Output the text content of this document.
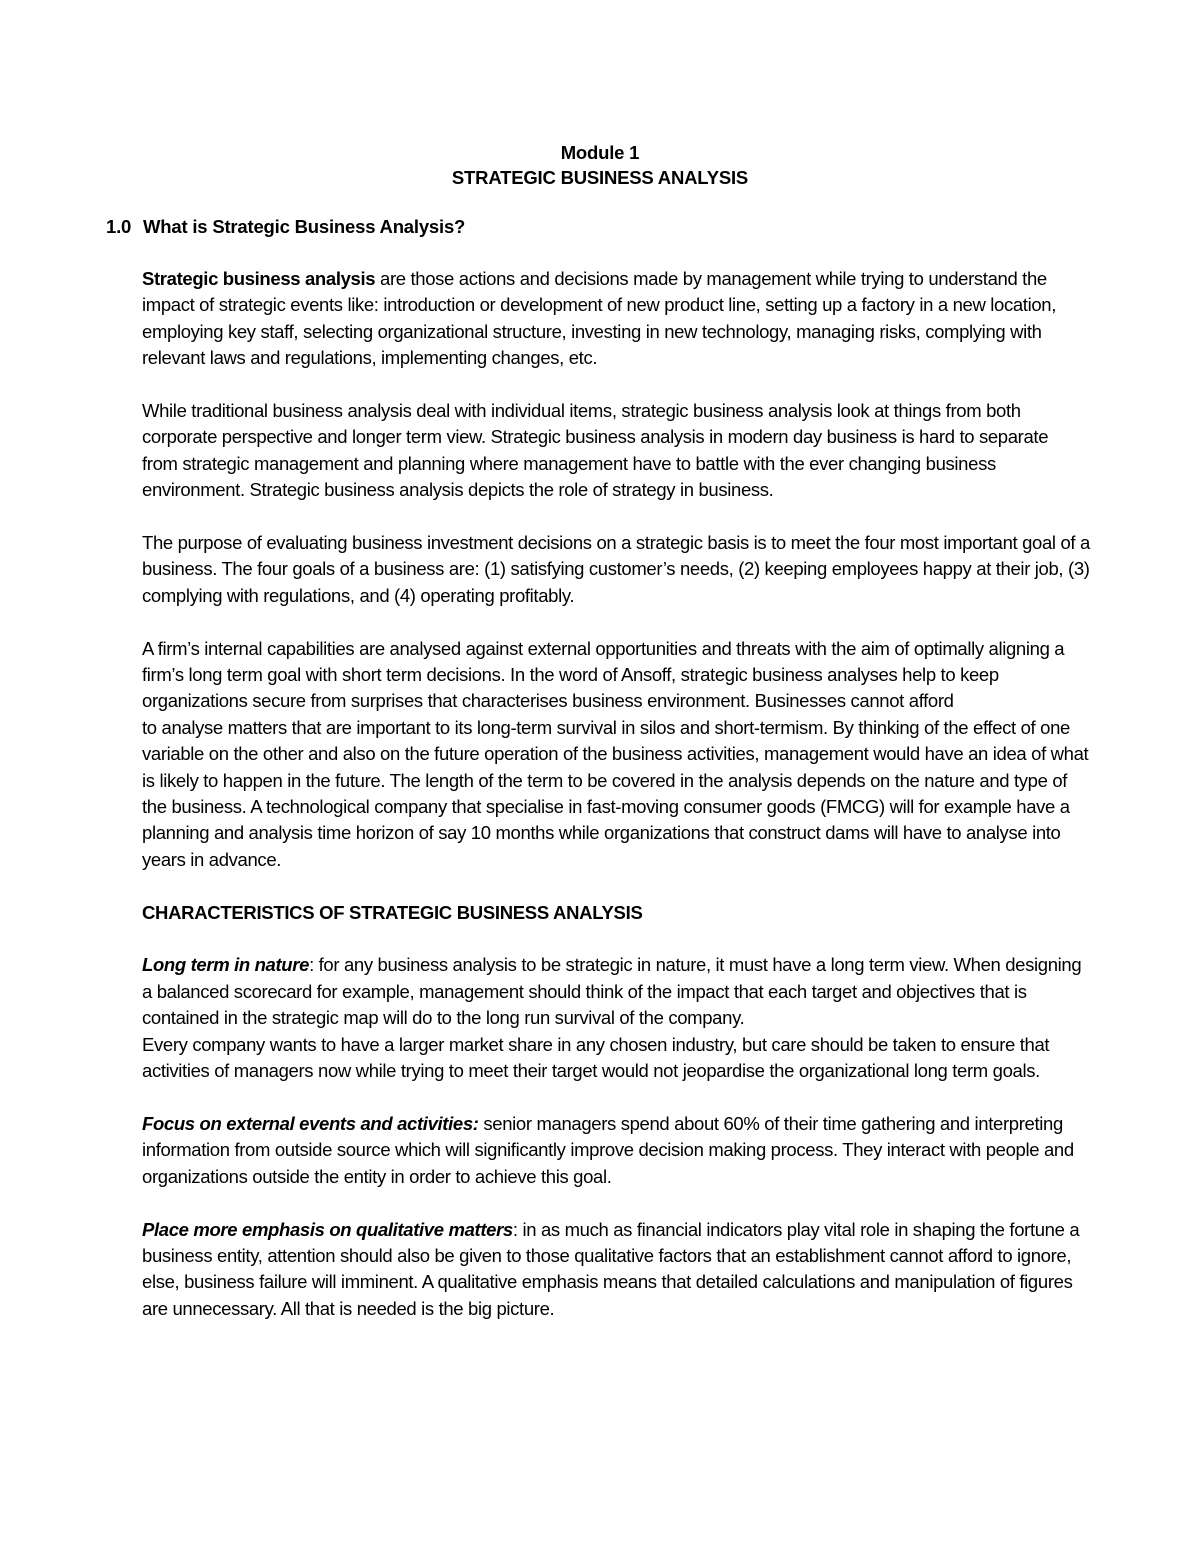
Module 1
STRATEGIC BUSINESS ANALYSIS
1.0 What is Strategic Business Analysis?
Strategic business analysis are those actions and decisions made by management while trying to understand the
impact of strategic events like: introduction or development of new product line, setting up a factory in a new location,
employing key staff, selecting organizational structure, investing in new technology, managing risks, complying with
relevant laws and regulations, implementing changes, etc.
While traditional business analysis deal with individual items, strategic business analysis look at things from both
corporate perspective and longer term view. Strategic business analysis in modern day business is hard to separate
from strategic management and planning where management have to battle with the ever changing business
environment. Strategic business analysis depicts the role of strategy in business.
The purpose of evaluating business investment decisions on a strategic basis is to meet the four most important goal of a
business. The four goals of a business are: (1) satisfying customer’s needs, (2) keeping employees happy at their job, (3)
complying with regulations, and (4) operating profitably.
A firm’s internal capabilities are analysed against external opportunities and threats with the aim of optimally aligning a
firm’s long term goal with short term decisions. In the word of Ansoff, strategic business analyses help to keep
organizations secure from surprises that characterises business environment. Businesses cannot afford
to analyse matters that are important to its long-term survival in silos and short-termism. By thinking of the effect of one
variable on the other and also on the future operation of the business activities, management would have an idea of what
is likely to happen in the future. The length of the term to be covered in the analysis depends on the nature and type of
the business. A technological company that specialise in fast-moving consumer goods (FMCG) will for example have a
planning and analysis time horizon of say 10 months while organizations that construct dams will have to analyse into
years in advance.
CHARACTERISTICS OF STRATEGIC BUSINESS ANALYSIS
Long term in nature: for any business analysis to be strategic in nature, it must have a long term view. When designing
a balanced scorecard for example, management should think of the impact that each target and objectives that is
contained in the strategic map will do to the long run survival of the company.
Every company wants to have a larger market share in any chosen industry, but care should be taken to ensure that
activities of managers now while trying to meet their target would not jeopardise the organizational long term goals.
Focus on external events and activities: senior managers spend about 60% of their time gathering and interpreting
information from outside source which will significantly improve decision making process. They interact with people and
organizations outside the entity in order to achieve this goal.
Place more emphasis on qualitative matters: in as much as financial indicators play vital role in shaping the fortune a
business entity, attention should also be given to those qualitative factors that an establishment cannot afford to ignore,
else, business failure will imminent. A qualitative emphasis means that detailed calculations and manipulation of figures
are unnecessary. All that is needed is the big picture.
